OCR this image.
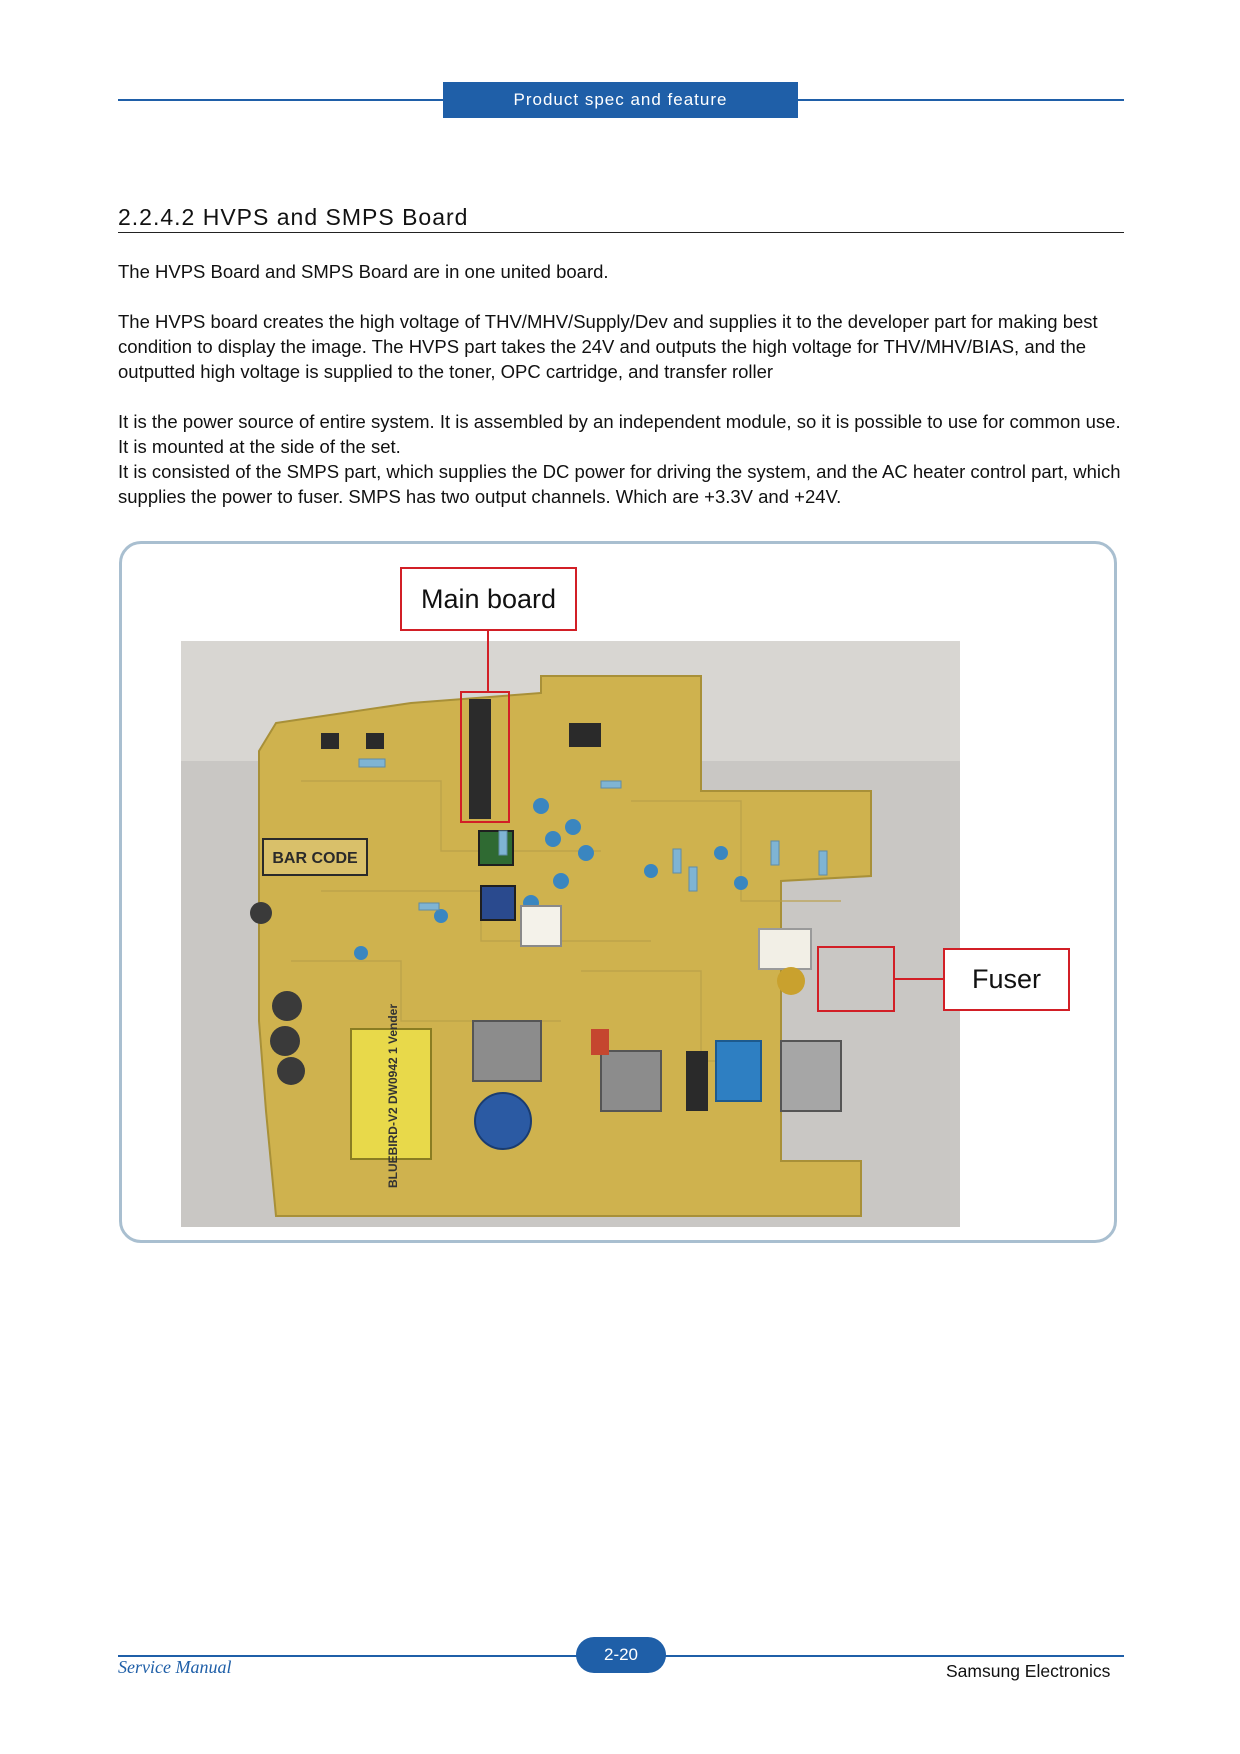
Product spec and feature
2.2.4.2 HVPS and SMPS Board

The HVPS Board and SMPS Board are in one united board.

The HVPS board creates the high voltage of THV/MHV/Supply/Dev and supplies it to the developer part for making best condition to display the image. The HVPS part takes the 24V and outputs the high voltage for THV/MHV/BIAS, and the outputted high voltage is supplied to the toner, OPC cartridge, and transfer roller

It is the power source of entire system. It is assembled by an independent module, so it is possible to use for common use. It is mounted at the side of the set.

It is consisted of the SMPS part, which supplies the DC power for driving the system, and the AC heater control part, which supplies the power to fuser. SMPS has two output channels. Which are +3.3V and +24V.

BAR CODE
BLUEBIRD-V2 DW0942 1 Vender
Main board
Fuser
2-20
Service Manual	Samsung Electronics
